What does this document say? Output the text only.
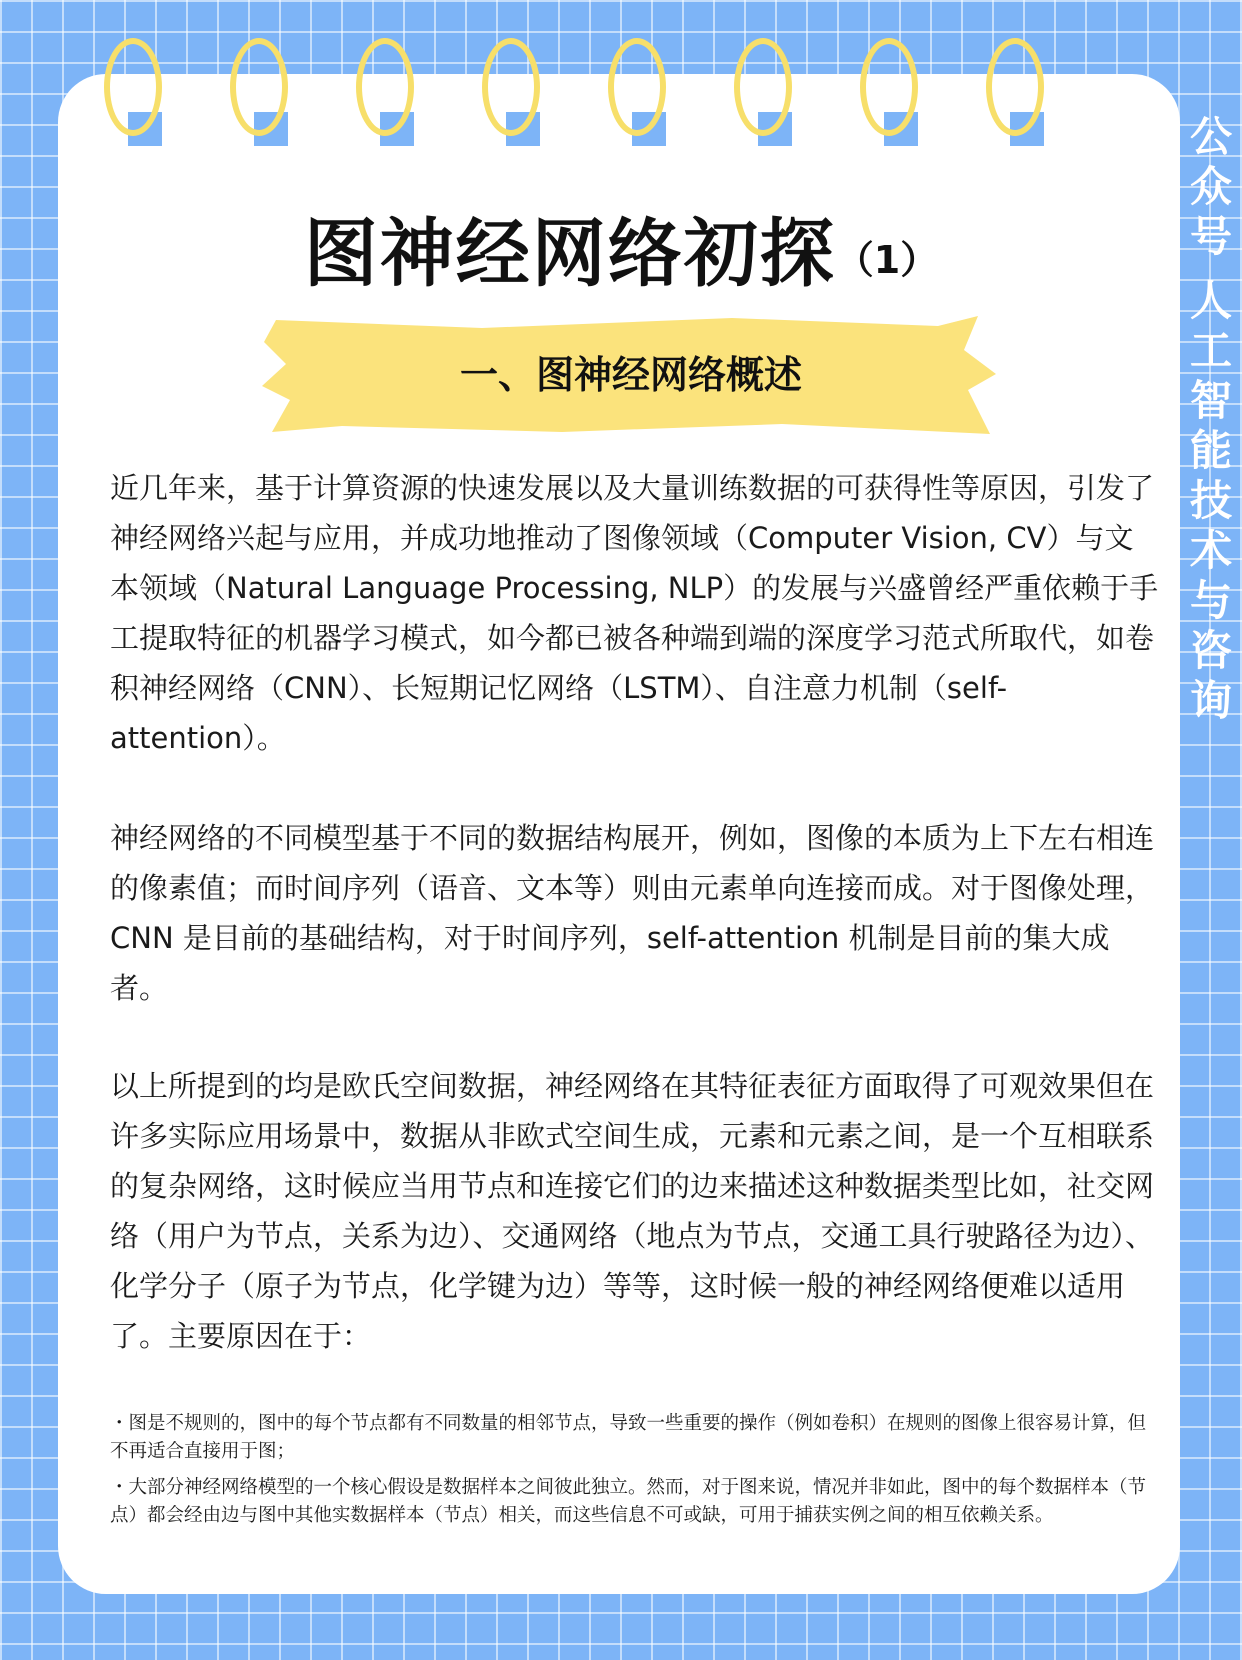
公
众
号
人
工
智
能
技
术
与
咨
询
图神经网络初探（1）
一、图神经网络概述

近几年来，基于计算资源的快速发展以及大量训练数据的可获得性等原因，引发了神经网络兴起与应用，并成功地推动了图像领域（Computer Vision, CV）与文本领域（Natural Language Processing, NLP）的发展与兴盛曾经严重依赖于手工提取特征的机器学习模式，如今都已被各种端到端的深度学习范式所取代，如卷积神经网络（CNN）、长短期记忆网络（LSTM）、自注意力机制（self-attention）。

神经网络的不同模型基于不同的数据结构展开，例如，图像的本质为上下左右相连的像素值；而时间序列（语音、文本等）则由元素单向连接而成。对于图像处理，CNN 是目前的基础结构，对于时间序列，self-attention 机制是目前的集大成者。

以上所提到的均是欧氏空间数据，神经网络在其特征表征方面取得了可观效果但在许多实际应用场景中，数据从非欧式空间生成，元素和元素之间，是一个互相联系的复杂网络，这时候应当用节点和连接它们的边来描述这种数据类型比如，社交网络（用户为节点，关系为边）、交通网络（地点为节点，交通工具行驶路径为边）、化学分子（原子为节点，化学键为边）等等，这时候一般的神经网络便难以适用了。主要原因在于：

・图是不规则的，图中的每个节点都有不同数量的相邻节点，导致一些重要的操作（例如卷积）在规则的图像上很容易计算，但不再适合直接用于图；

・大部分神经网络模型的一个核心假设是数据样本之间彼此独立。然而，对于图来说，情况并非如此，图中的每个数据样本（节点）都会经由边与图中其他实数据样本（节点）相关，而这些信息不可或缺，可用于捕获实例之间的相互依赖关系。
